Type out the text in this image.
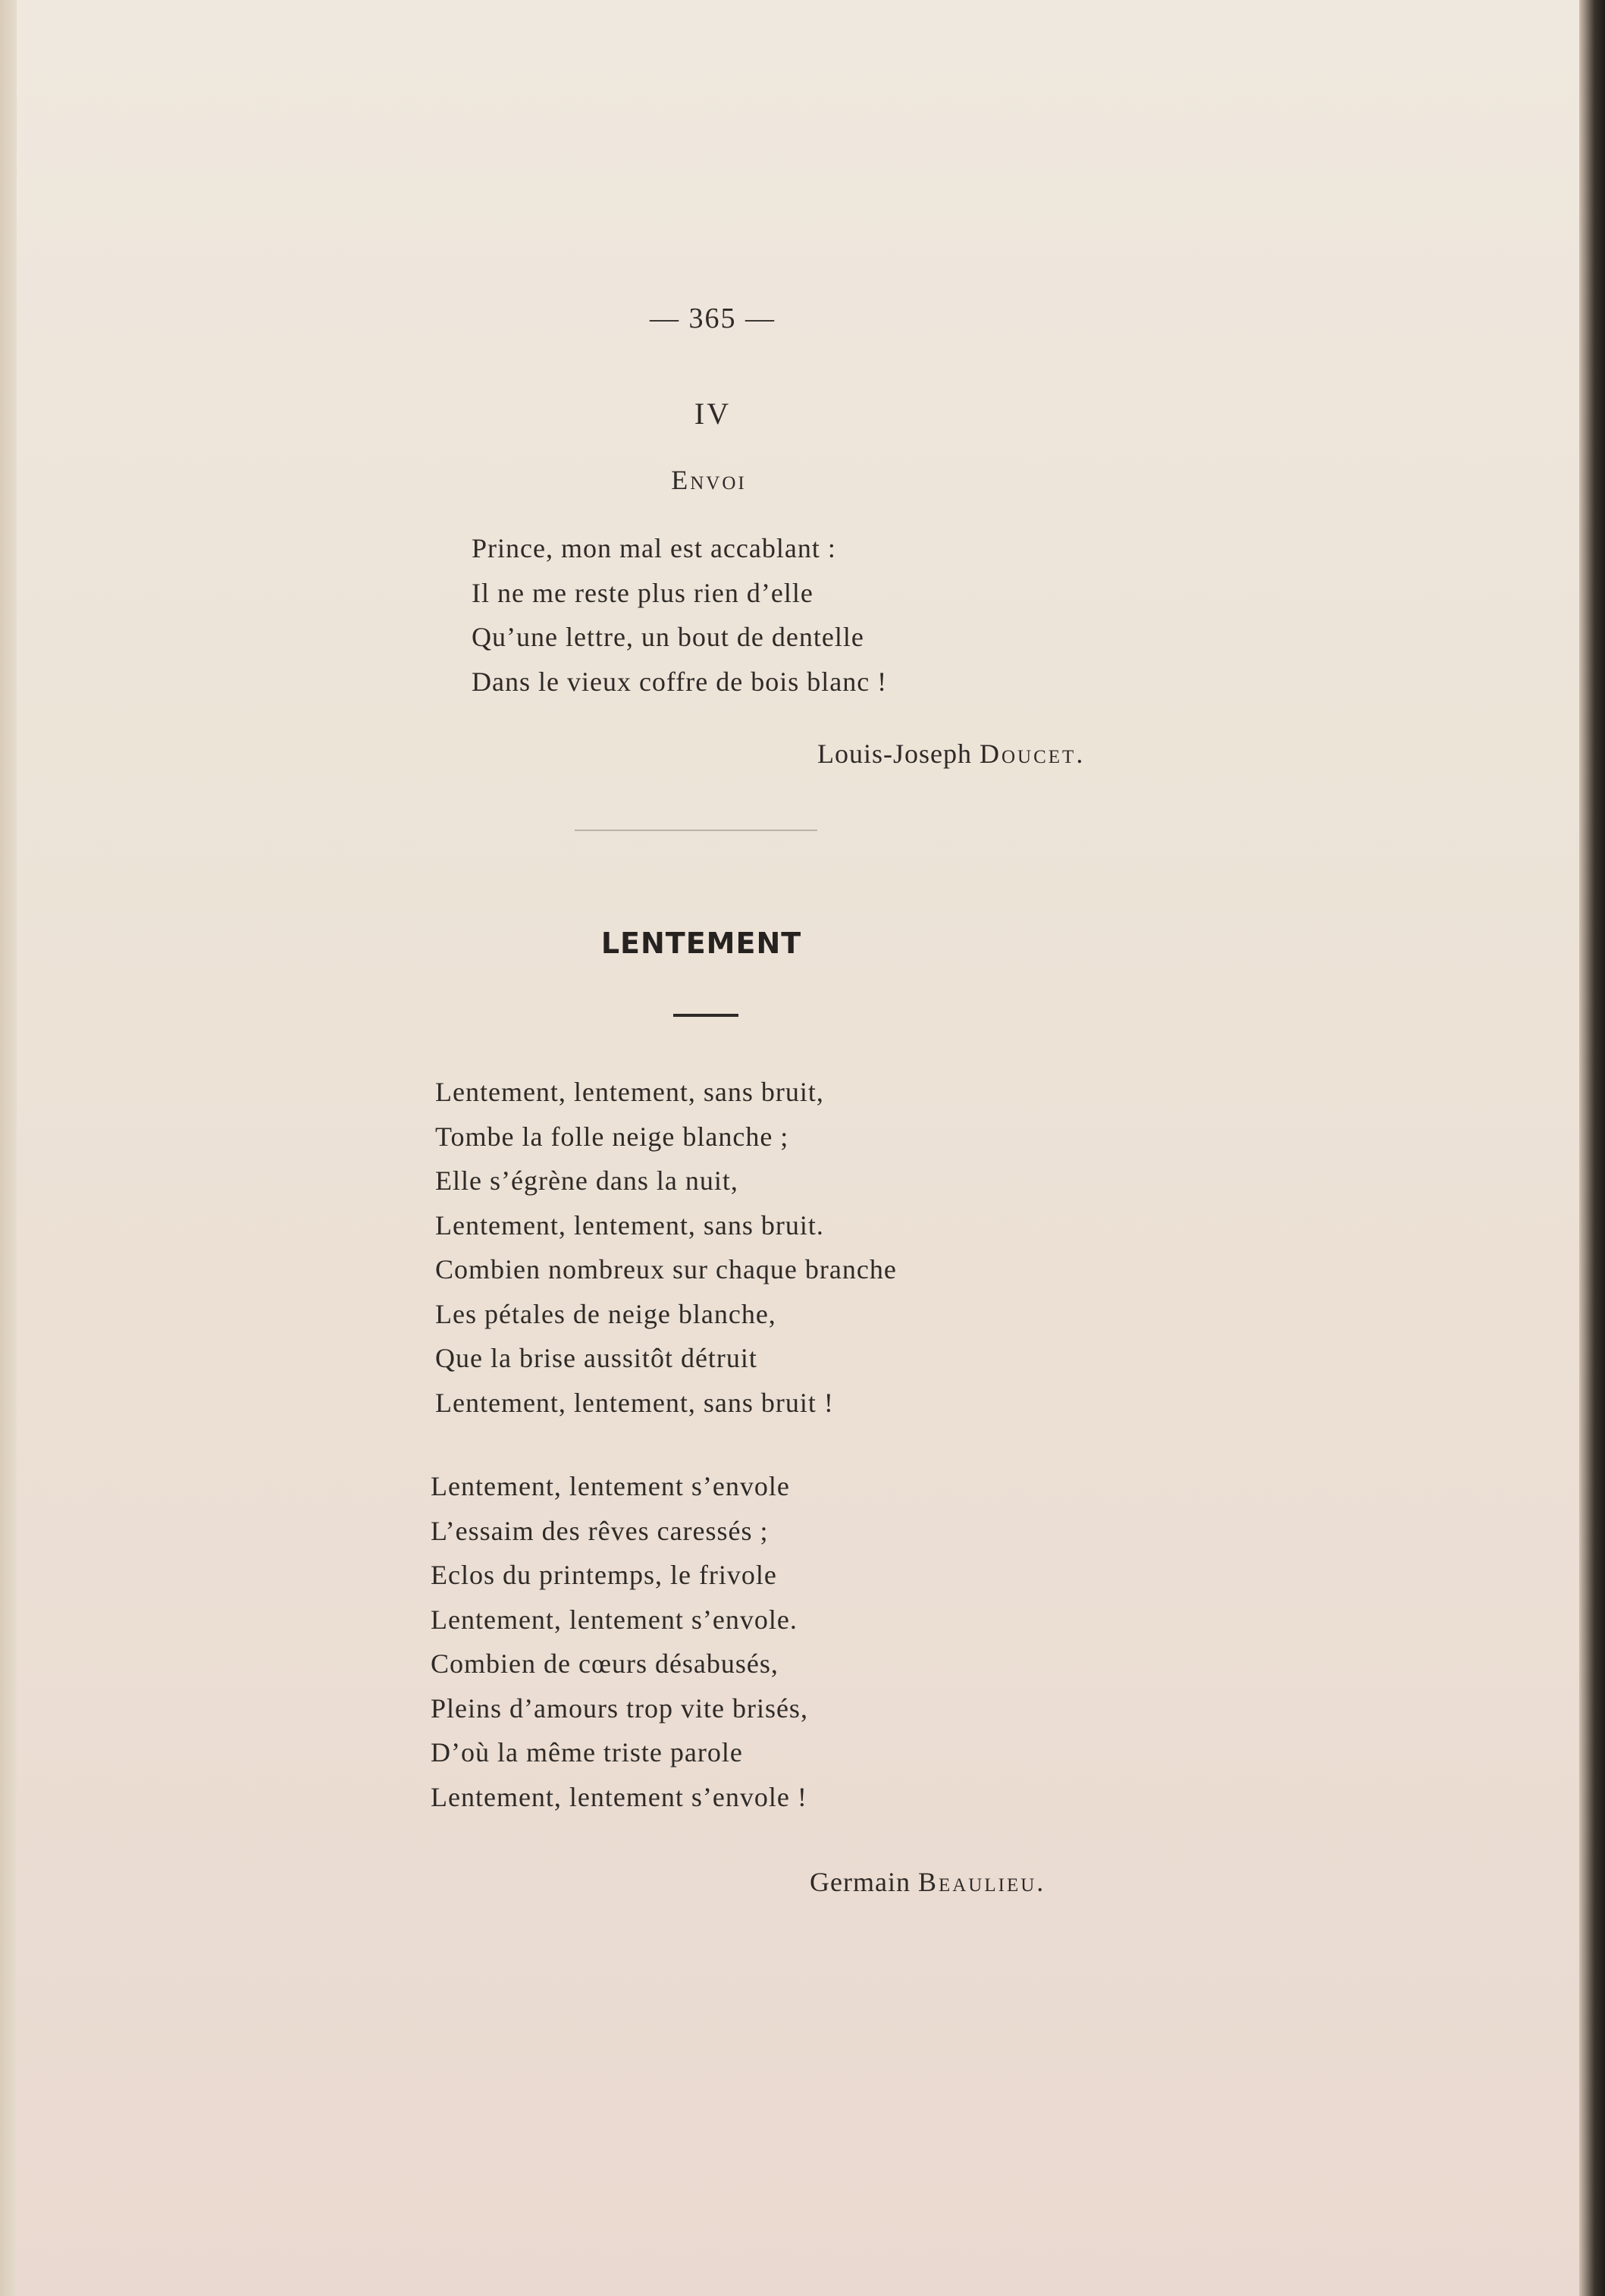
— 365 —
IV
Envoi
Prince, mon mal est accablant :
Il ne me reste plus rien d’elle
Qu’une lettre, un bout de dentelle
Dans le vieux coffre de bois blanc !
Louis-Joseph Doucet.
LENTEMENT
Lentement, lentement, sans bruit,
Tombe la folle neige blanche ;
Elle s’égrène dans la nuit,
Lentement, lentement, sans bruit.
Combien nombreux sur chaque branche
Les pétales de neige blanche,
Que la brise aussitôt détruit
Lentement, lentement, sans bruit !
Lentement, lentement s’envole
L’essaim des rêves caressés ;
Eclos du printemps, le frivole
Lentement, lentement s’envole.
Combien de cœurs désabusés,
Pleins d’amours trop vite brisés,
D’où la même triste parole
Lentement, lentement s’envole !
Germain Beaulieu.
